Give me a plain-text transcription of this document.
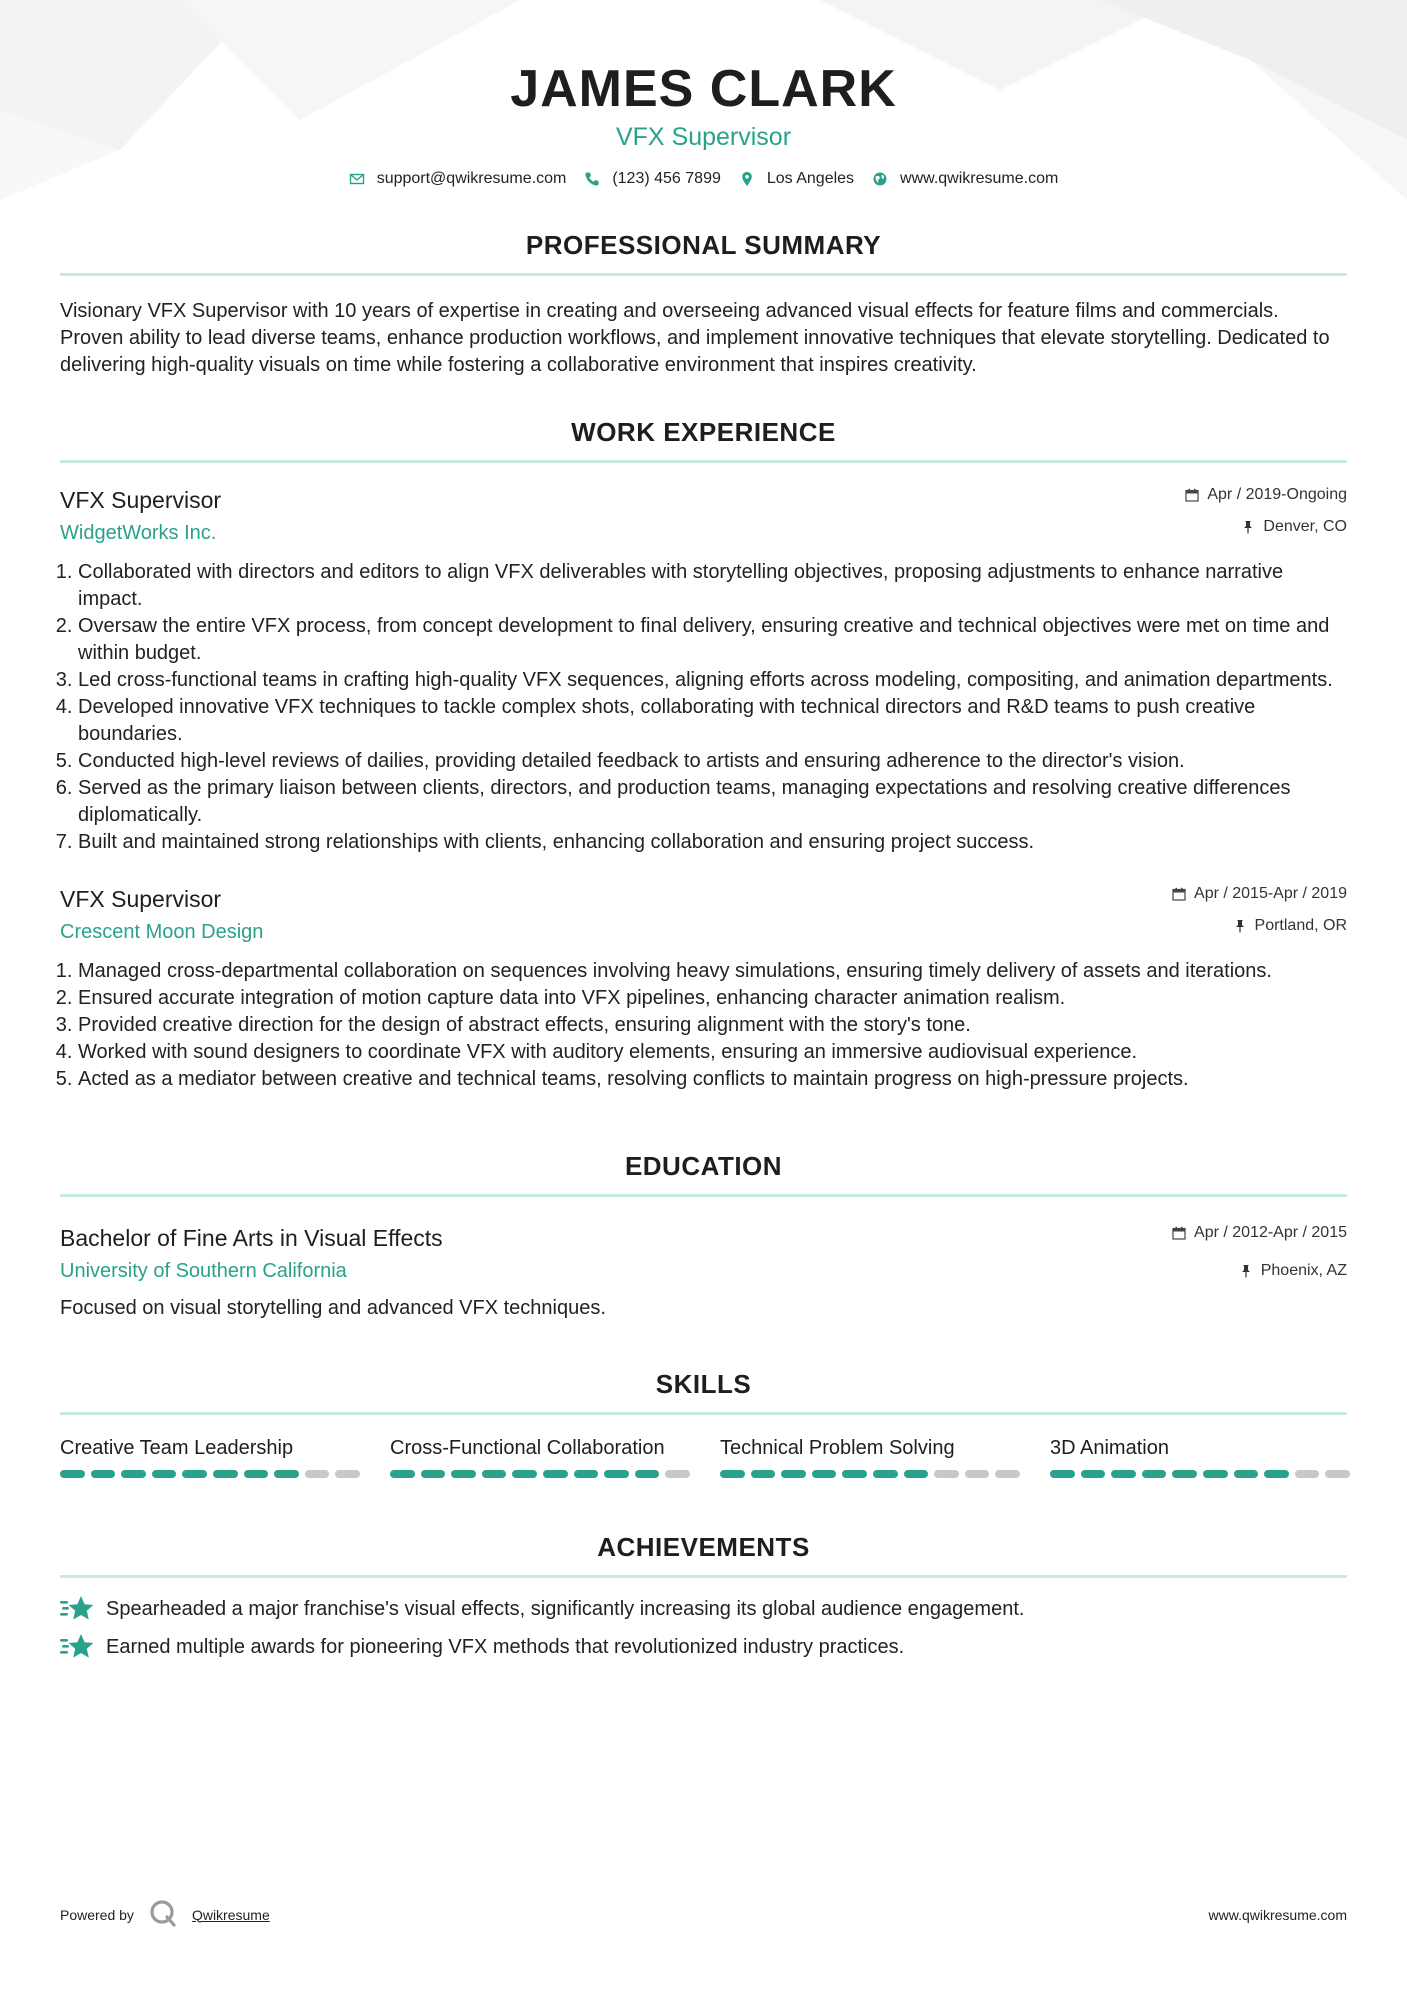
JAMES CLARK
VFX Supervisor
support@qwikresume.com	(123) 456 7899	Los Angeles	www.qwikresume.com
PROFESSIONAL SUMMARY
Visionary VFX Supervisor with 10 years of expertise in creating and overseeing advanced visual effects for feature films and commercials. Proven ability to lead diverse teams, enhance production workflows, and implement innovative techniques that elevate storytelling. Dedicated to delivering high-quality visuals on time while fostering a collaborative environment that inspires creativity.
WORK EXPERIENCE
VFX Supervisor
WidgetWorks Inc.
Apr / 2019-Ongoing
Denver, CO
1. Collaborated with directors and editors to align VFX deliverables with storytelling objectives, proposing adjustments to enhance narrative impact.
2. Oversaw the entire VFX process, from concept development to final delivery, ensuring creative and technical objectives were met on time and within budget.
3. Led cross-functional teams in crafting high-quality VFX sequences, aligning efforts across modeling, compositing, and animation departments.
4. Developed innovative VFX techniques to tackle complex shots, collaborating with technical directors and R&D teams to push creative boundaries.
5. Conducted high-level reviews of dailies, providing detailed feedback to artists and ensuring adherence to the director's vision.
6. Served as the primary liaison between clients, directors, and production teams, managing expectations and resolving creative differences diplomatically.
7. Built and maintained strong relationships with clients, enhancing collaboration and ensuring project success.
VFX Supervisor
Crescent Moon Design
Apr / 2015-Apr / 2019
Portland, OR
1. Managed cross-departmental collaboration on sequences involving heavy simulations, ensuring timely delivery of assets and iterations.
2. Ensured accurate integration of motion capture data into VFX pipelines, enhancing character animation realism.
3. Provided creative direction for the design of abstract effects, ensuring alignment with the story's tone.
4. Worked with sound designers to coordinate VFX with auditory elements, ensuring an immersive audiovisual experience.
5. Acted as a mediator between creative and technical teams, resolving conflicts to maintain progress on high-pressure projects.
EDUCATION
Bachelor of Fine Arts in Visual Effects
University of Southern California
Apr / 2012-Apr / 2015
Phoenix, AZ
Focused on visual storytelling and advanced VFX techniques.
SKILLS
Creative Team Leadership	Cross-Functional Collaboration	Technical Problem Solving	3D Animation
ACHIEVEMENTS
Spearheaded a major franchise's visual effects, significantly increasing its global audience engagement.
Earned multiple awards for pioneering VFX methods that revolutionized industry practices.
Powered by	Qwikresume	www.qwikresume.com
